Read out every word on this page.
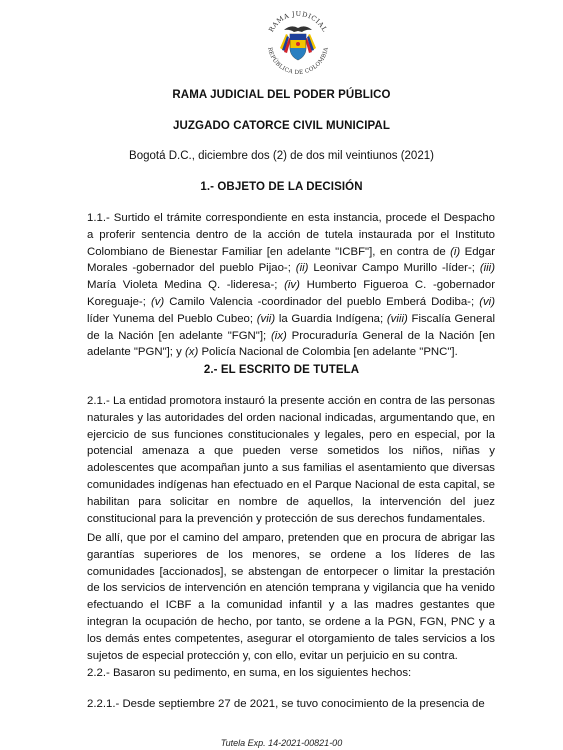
RAMA JUDICIAL
REPÚBLICA DE COLOMBIA
RAMA JUDICIAL DEL PODER PÚBLICO
JUZGADO CATORCE CIVIL MUNICIPAL
Bogotá D.C., diciembre dos (2) de dos mil veintiunos (2021)
1.- OBJETO DE LA DECISIÓN

1.1.- Surtido el trámite correspondiente en esta instancia, procede el Despacho a proferir sentencia dentro de la acción de tutela instaurada por el Instituto Colombiano de Bienestar Familiar [en adelante "ICBF"], en contra de (i) Edgar Morales -gobernador del pueblo Pijao-; (ii) Leonivar Campo Murillo -líder-; (iii) María Violeta Medina Q. -lideresa-; (iv) Humberto Figueroa C. -gobernador Koreguaje-; (v) Camilo Valencia -coordinador del pueblo Emberá Dodiba-; (vi) líder Yunema del Pueblo Cubeo; (vii) la Guardia Indígena; (viii) Fiscalía General de la Nación [en adelante "FGN"]; (ix) Procuraduría General de la Nación [en adelante "PGN"]; y (x) Policía Nacional de Colombia [en adelante "PNC"].

2.- EL ESCRITO DE TUTELA

2.1.- La entidad promotora instauró la presente acción en contra de las personas naturales y las autoridades del orden nacional indicadas, argumentando que, en ejercicio de sus funciones constitucionales y legales, pero en especial, por la potencial amenaza a que pueden verse sometidos los niños, niñas y adolescentes que acompañan junto a sus familias el asentamiento que diversas comunidades indígenas han efectuado en el Parque Nacional de esta capital, se habilitan para solicitar en nombre de aquellos, la intervención del juez constitucional para la prevención y protección de sus derechos fundamentales.

De allí, que por el camino del amparo, pretenden que en procura de abrigar las garantías superiores de los menores, se ordene a los líderes de las comunidades [accionados], se abstengan de entorpecer o limitar la prestación de los servicios de intervención en atención temprana y vigilancia que ha venido efectuando el ICBF a la comunidad infantil y a las madres gestantes que integran la ocupación de hecho, por tanto, se ordene a la PGN, FGN, PNC y a los demás entes competentes, asegurar el otorgamiento de tales servicios a los sujetos de especial protección y, con ello, evitar un perjuicio en su contra.

2.2.- Basaron su pedimento, en suma, en los siguientes hechos:

2.2.1.- Desde septiembre 27 de 2021, se tuvo conocimiento de la presencia de

Tutela Exp. 14-2021-00821-00
